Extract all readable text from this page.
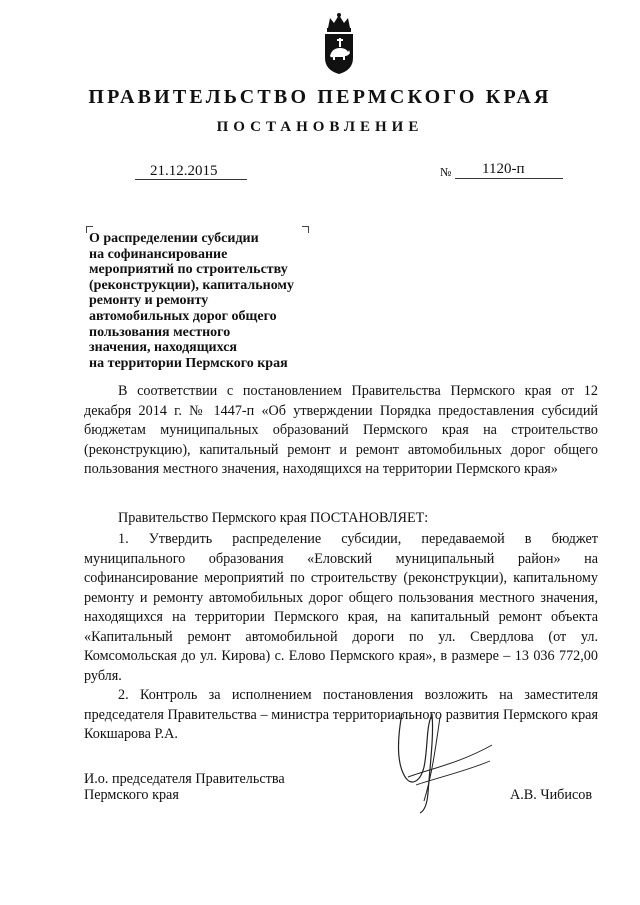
ПРАВИТЕЛЬСТВО ПЕРМСКОГО КРАЯ
ПОСТАНОВЛЕНИЕ
21.12.2015	№ 1120-п
О распределении субсидии
на софинансирование
мероприятий по строительству
(реконструкции), капитальному
ремонту и ремонту
автомобильных дорог общего
пользования местного
значения, находящихся
на территории Пермского края
В соответствии с постановлением Правительства Пермского края от 12 декабря 2014 г. № 1447-п «Об утверждении Порядка предоставления субсидий бюджетам муниципальных образований Пермского края на строительство (реконструкцию), капитальный ремонт и ремонт автомобильных дорог общего пользования местного значения, находящихся на территории Пермского края»
Правительство Пермского края ПОСТАНОВЛЯЕТ:
1. Утвердить распределение субсидии, передаваемой в бюджет муниципального образования «Еловский муниципальный район» на софинансирование мероприятий по строительству (реконструкции), капитальному ремонту и ремонту автомобильных дорог общего пользования местного значения, находящихся на территории Пермского края, на капитальный ремонт объекта «Капитальный ремонт автомобильной дороги по ул. Свердлова (от ул. Комсомольская до ул. Кирова) с. Елово Пермского края», в размере – 13 036 772,00 рубля.
2. Контроль за исполнением постановления возложить на заместителя председателя Правительства – министра территориального развития Пермского края Кокшарова Р.А.
И.о. председателя Правительства
Пермского края	А.В. Чибисов
